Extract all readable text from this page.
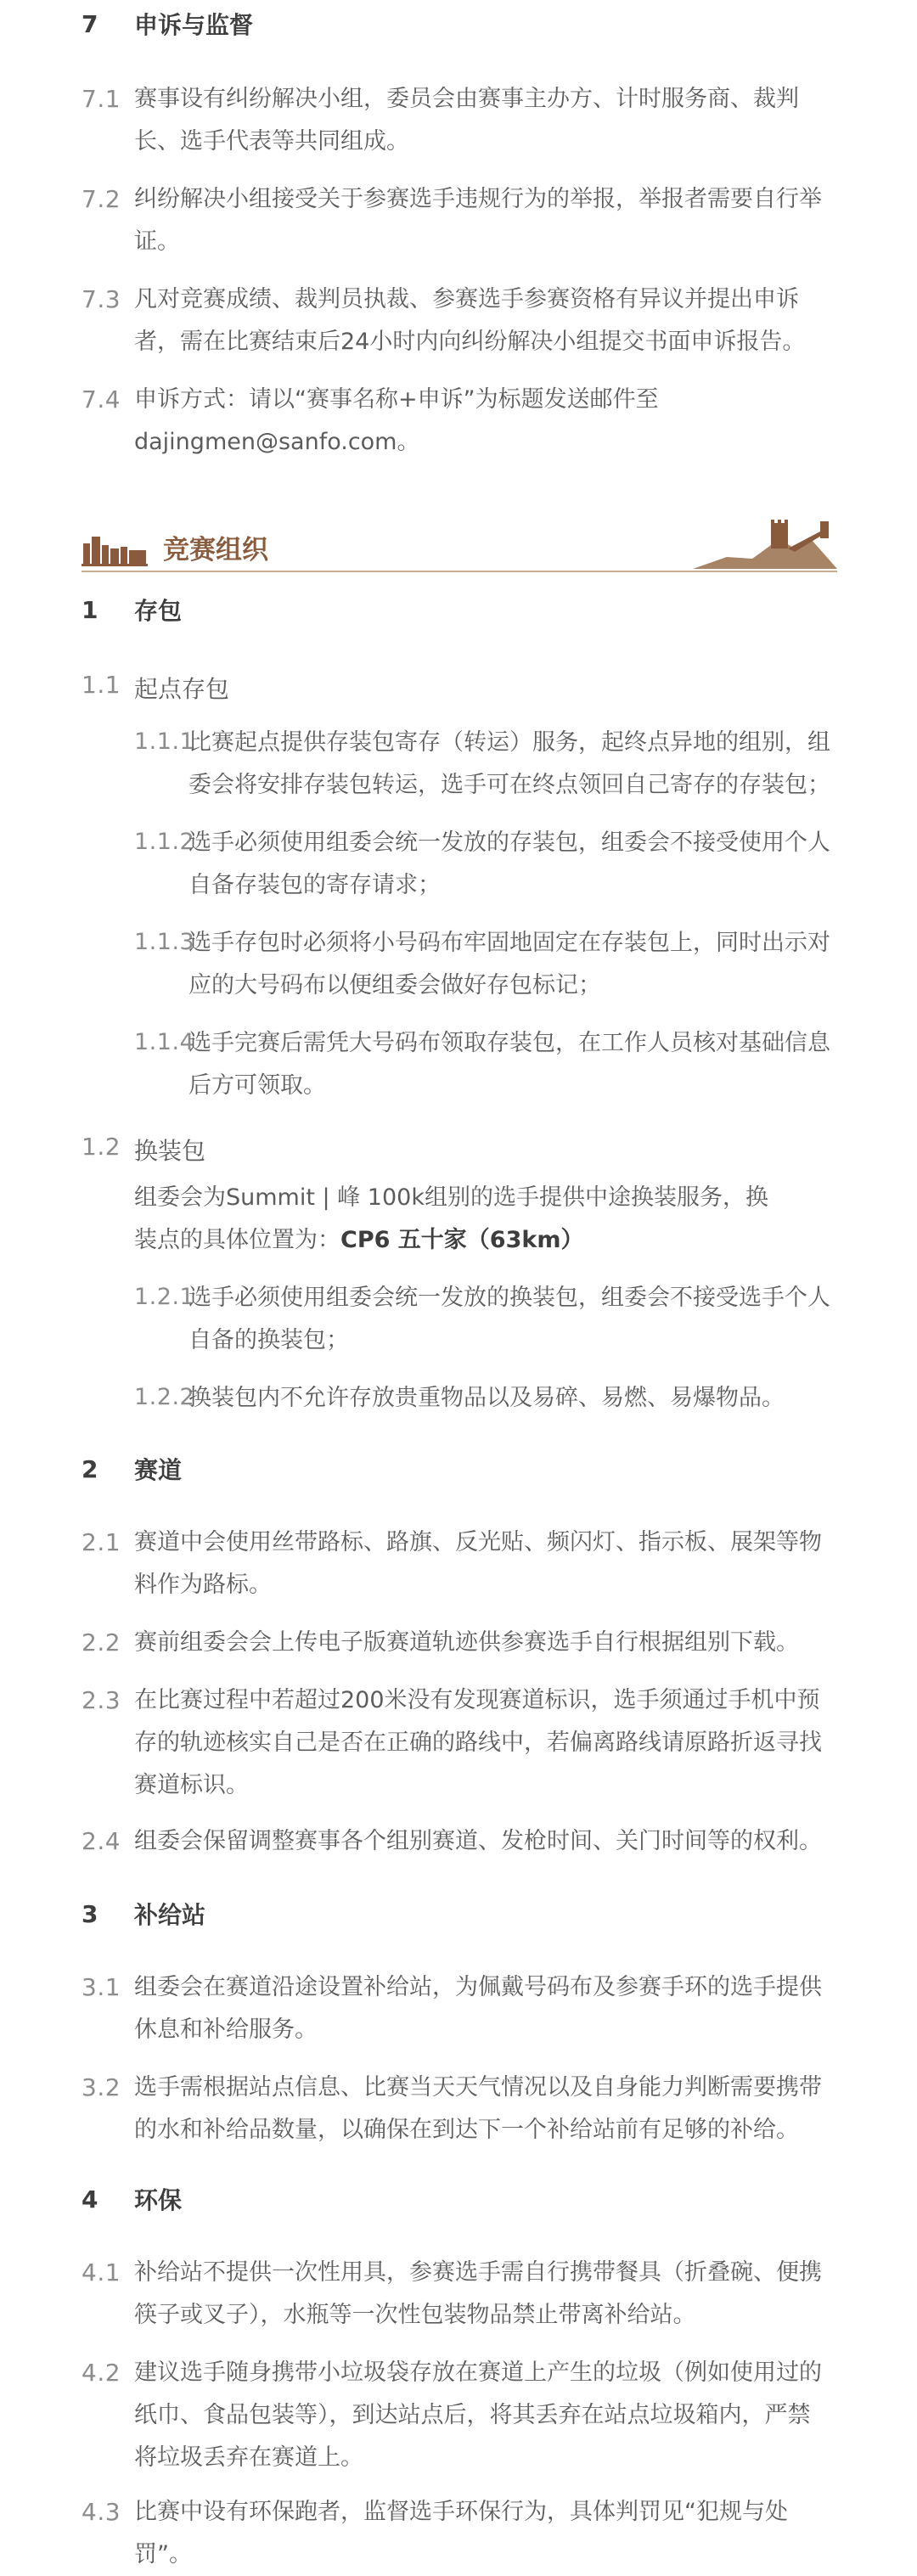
7 申诉与监督
7.1 赛事设有纠纷解决小组，委员会由赛事主办方、计时服务商、裁判长、选手代表等共同组成。
7.2 纠纷解决小组接受关于参赛选手违规行为的举报，举报者需要自行举证。
7.3 凡对竞赛成绩、裁判员执裁、参赛选手参赛资格有异议并提出申诉者，需在比赛结束后24小时内向纠纷解决小组提交书面申诉报告。
7.4 申诉方式：请以“赛事名称+申诉”为标题发送邮件至dajingmen@sanfo.com。
竞赛组织
1 存包
1.1 起点存包
1.1.1
比赛起点提供存装包寄存（转运）服务，起终点异地的组别，组委会将安排存装包转运，选手可在终点领回自己寄存的存装包；
1.1.2
选手必须使用组委会统一发放的存装包，组委会不接受使用个人自备存装包的寄存请求；
1.1.3
选手存包时必须将小号码布牢固地固定在存装包上，同时出示对应的大号码布以便组委会做好存包标记；
1.1.4
选手完赛后需凭大号码布领取存装包，在工作人员核对基础信息后方可领取。
1.2 换装包
组委会为Summit | 峰 100k组别的选手提供中途换装服务，换装点的具体位置为：CP6 五十家（63km）
1.2.1
选手必须使用组委会统一发放的换装包，组委会不接受选手个人自备的换装包；
1.2.2
换装包内不允许存放贵重物品以及易碎、易燃、易爆物品。
2 赛道
2.1 赛道中会使用丝带路标、路旗、反光贴、频闪灯、指示板、展架等物料作为路标。
2.2 赛前组委会会上传电子版赛道轨迹供参赛选手自行根据组别下载。
2.3 在比赛过程中若超过200米没有发现赛道标识，选手须通过手机中预存的轨迹核实自己是否在正确的路线中，若偏离路线请原路折返寻找赛道标识。
2.4 组委会保留调整赛事各个组别赛道、发枪时间、关门时间等的权利。
3 补给站
3.1 组委会在赛道沿途设置补给站，为佩戴号码布及参赛手环的选手提供休息和补给服务。
3.2 选手需根据站点信息、比赛当天天气情况以及自身能力判断需要携带的水和补给品数量，以确保在到达下一个补给站前有足够的补给。
4 环保
4.1 补给站不提供一次性用具，参赛选手需自行携带餐具（折叠碗、便携筷子或叉子），水瓶等一次性包装物品禁止带离补给站。
4.2 建议选手随身携带小垃圾袋存放在赛道上产生的垃圾（例如使用过的纸巾、食品包装等），到达站点后，将其丢弃在站点垃圾箱内，严禁将垃圾丢弃在赛道上。
4.3 比赛中设有环保跑者，监督选手环保行为，具体判罚见“犯规与处罚”。
